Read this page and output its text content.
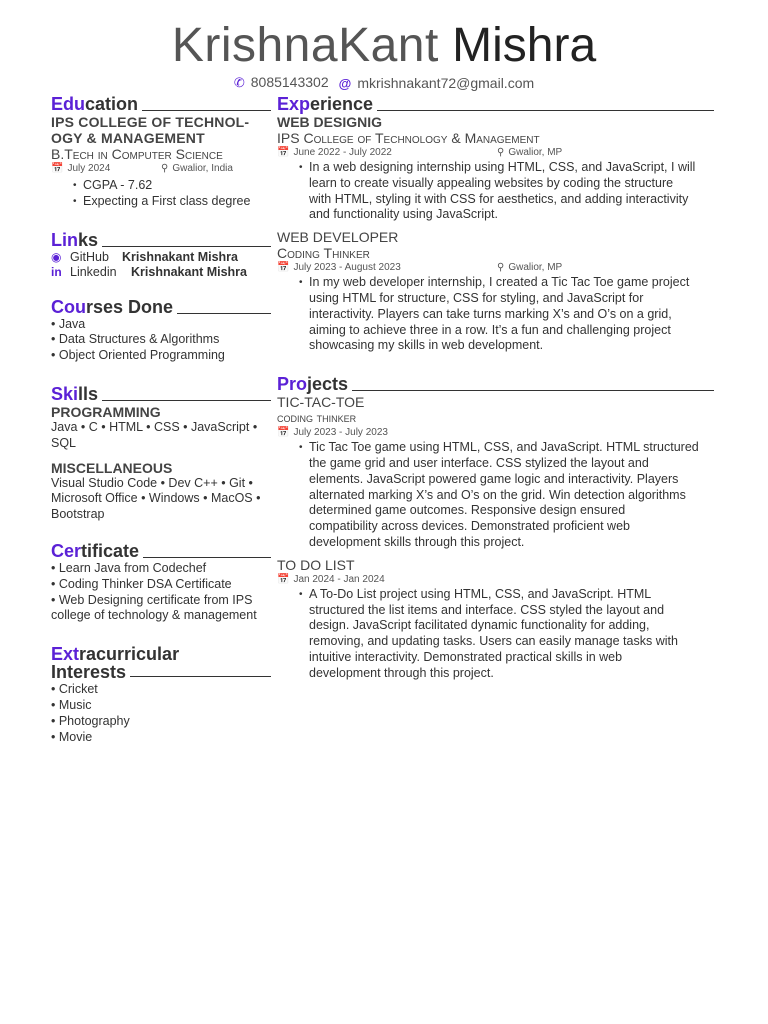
KrishnaKant Mishra
✆ 8085143302 @ mkrishnakant72@gmail.com
Edu cation
IPS COLLEGE OF TECHNOL-
OGY & MANAGEMENT
B.Tech in Computer Science
📅 July 2024	⚲ Gwalior, India
• CGPA - 7.62
• Expecting a First class degree
Lin ks
◉ GitHub	Krishnakant Mishra
in Linkedin	Krishnakant Mishra
Cou rses Done
• Java
• Data Structures & Algorithms
• Object Oriented Programming
Ski lls
PROGRAMMING
Java • C • HTML • CSS • JavaScript •
SQL
MISCELLANEOUS
Visual Studio Code • Dev C++ • Git •
Microsoft Office • Windows • MacOS •
Bootstrap
Cer tificate
• Learn Java from Codechef
• Coding Thinker DSA Certificate
• Web Designing certificate from IPS
college of technology & management
Extracurricular
Interests
• Cricket
• Music
• Photography
• Movie
Exp erience
WEB DESIGNIG
IPS College of Technology & Management
📅 June 2022 - July 2022	⚲ Gwalior, MP
• In a web designing internship using HTML, CSS, and JavaScript, I will
learn to create visually appealing websites by coding the structure
with HTML, styling it with CSS for aesthetics, and adding interactivity
and functionality using JavaScript.
WEB DEVELOPER
Coding Thinker
📅 July 2023 - August 2023	⚲ Gwalior, MP
• In my web developer internship, I created a Tic Tac Toe game project
using HTML for structure, CSS for styling, and JavaScript for
interactivity. Players can take turns marking X’s and O’s on a grid,
aiming to achieve three in a row. It’s a fun and challenging project
showcasing my skills in web development.
Pro jects
TIC-TAC-TOE
coding thinker
📅 July 2023 - July 2023
• Tic Tac Toe game using HTML, CSS, and JavaScript. HTML structured
the game grid and user interface. CSS stylized the layout and
elements. JavaScript powered game logic and interactivity. Players
alternated marking X’s and O’s on the grid. Win detection algorithms
determined game outcomes. Responsive design ensured
compatibility across devices. Demonstrated proficient web
development skills through this project.
TO DO LIST
📅 Jan 2024 - Jan 2024
• A To-Do List project using HTML, CSS, and JavaScript. HTML
structured the list items and interface. CSS styled the layout and
design. JavaScript facilitated dynamic functionality for adding,
removing, and updating tasks. Users can easily manage tasks with
intuitive interactivity. Demonstrated practical skills in web
development through this project.
